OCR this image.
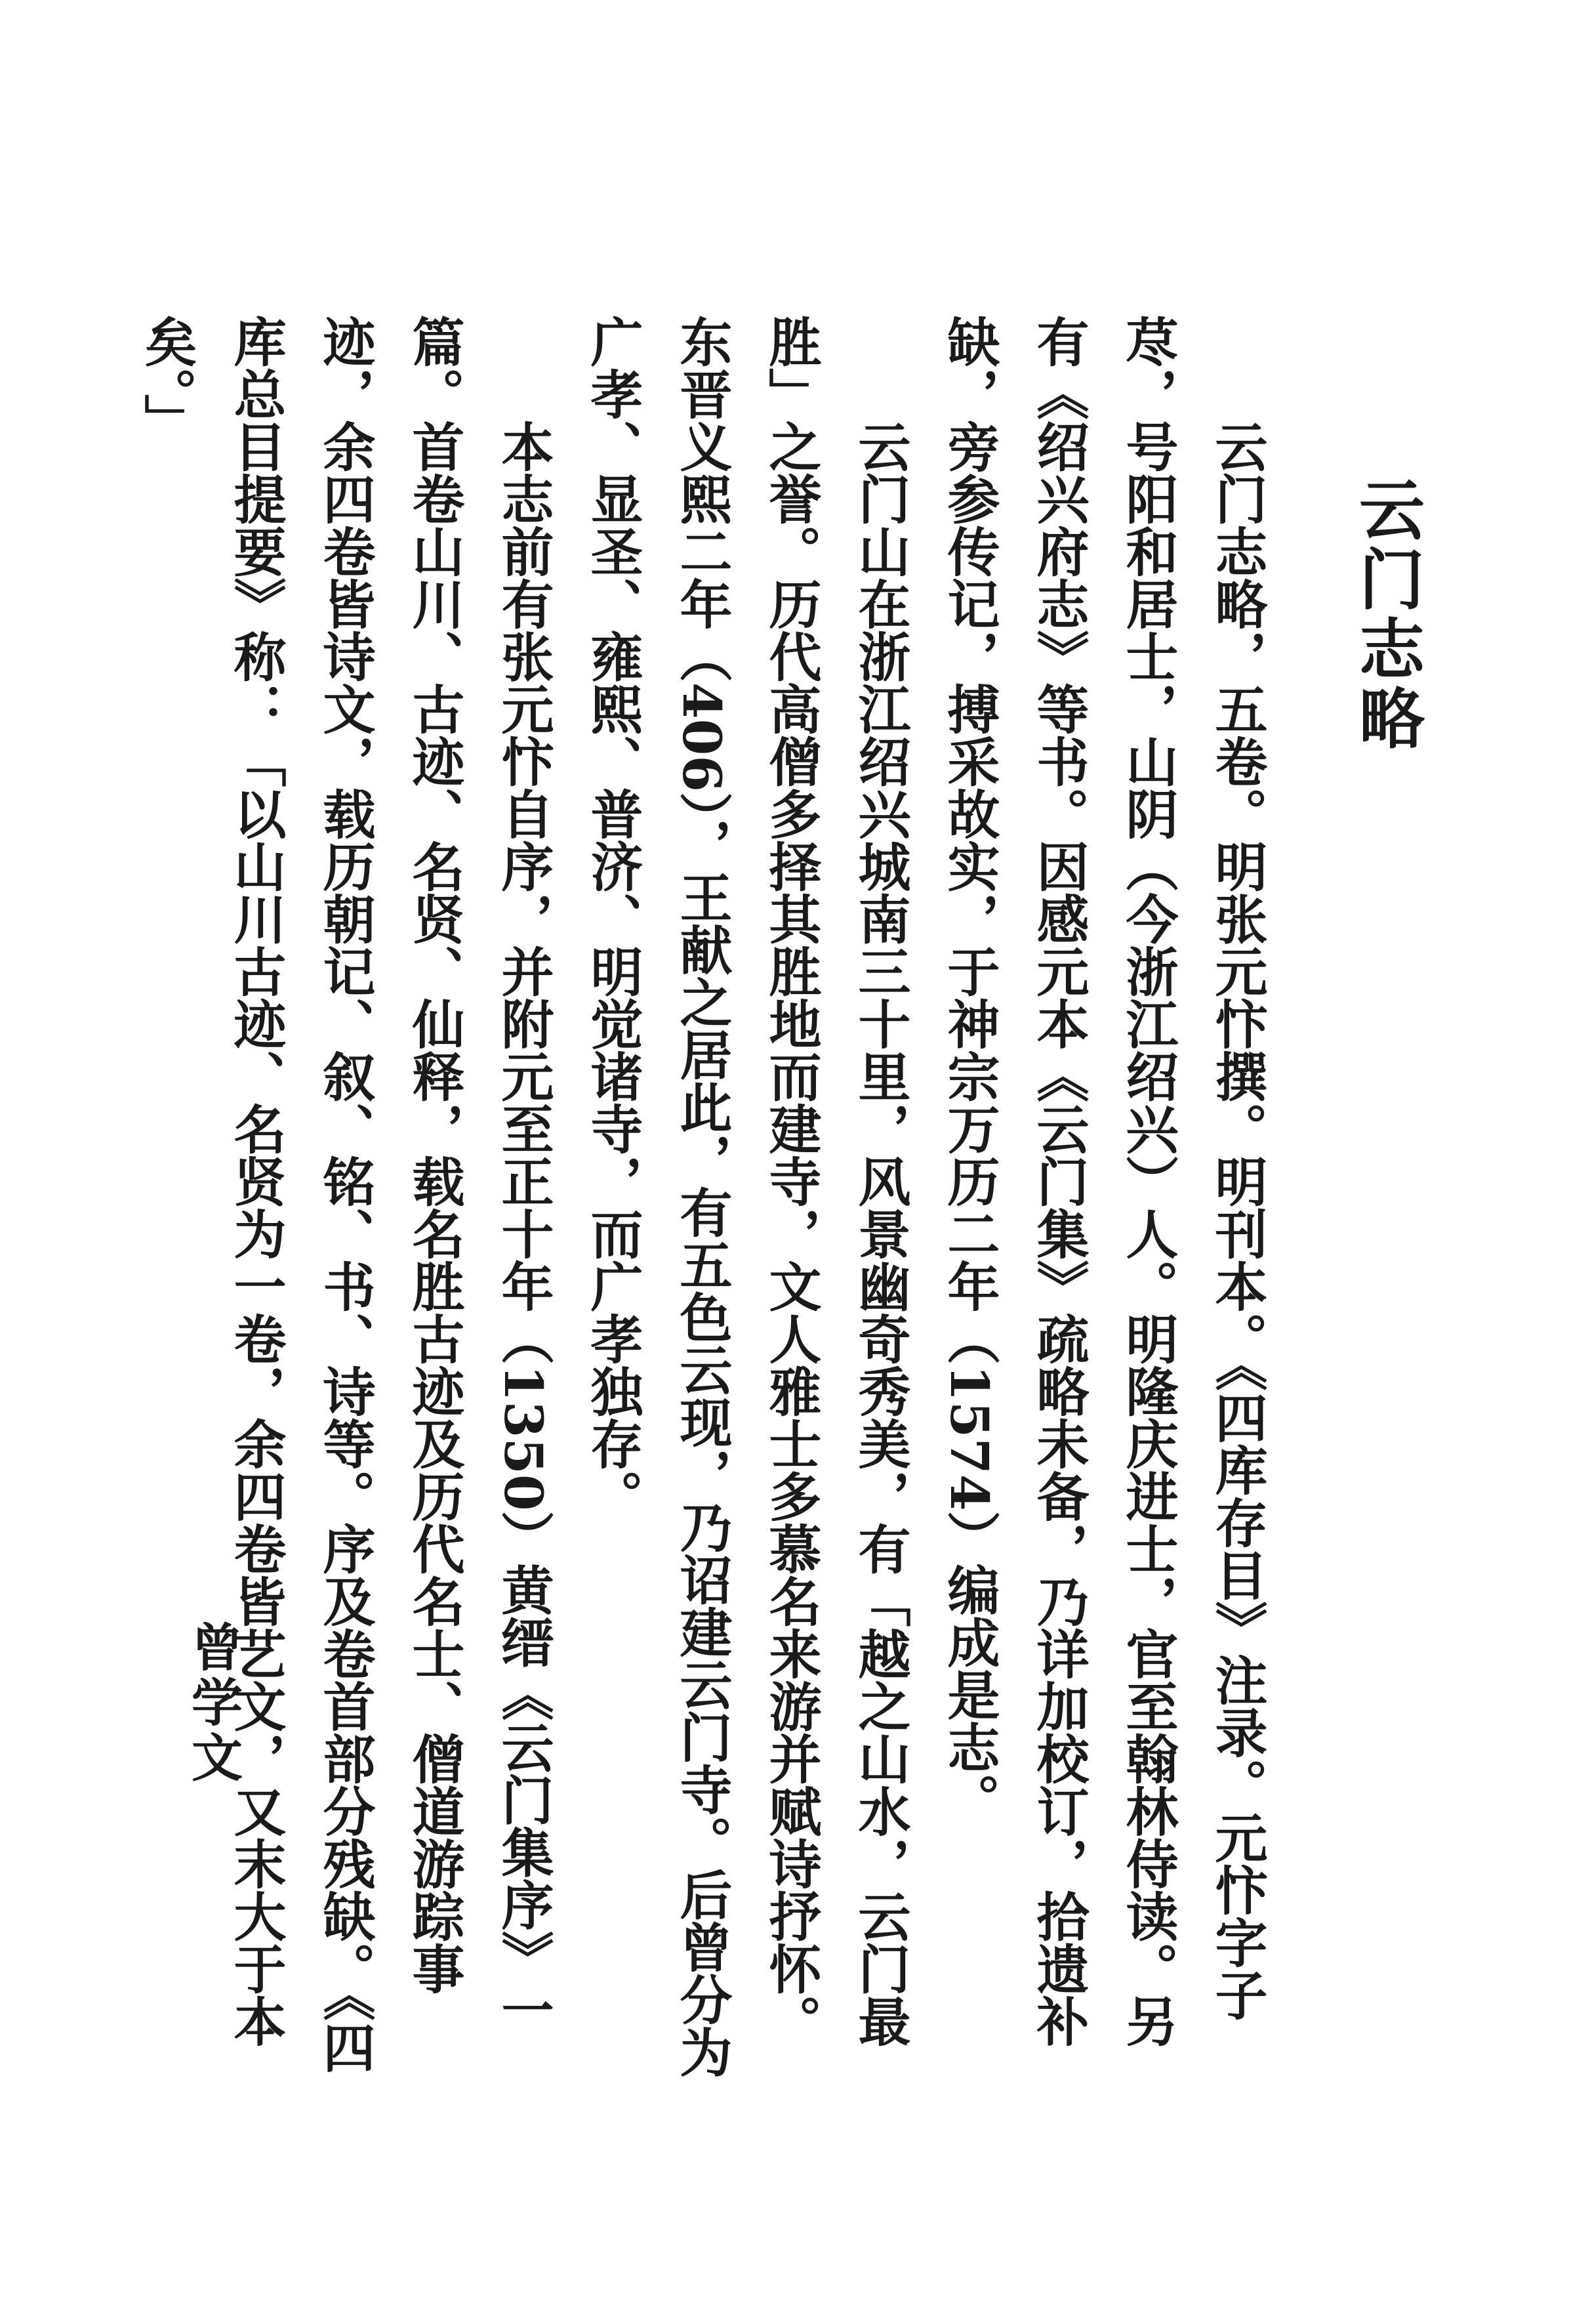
云门志略

云门志略，五卷。明张元忭撰。明刊本。《四库存目》注录。元忭字子荩，号阳和居士，山阴（今浙江绍兴）人。明隆庆进士，官至翰林侍读。另有《绍兴府志》等书。因感元本《云门集》疏略未备，乃详加校订，拾遗补缺，旁参传记，搏采故实，于神宗万历二年（1574）编成是志。

云门山在浙江绍兴城南三十里，风景幽奇秀美，有「越之山水，云门最胜」之誉。历代高僧多择其胜地而建寺，文人雅士多慕名来游并赋诗抒怀。东晋义熙二年（406），王献之居此，有五色云现，乃诏建云门寺。后曾分为广孝、显圣、雍熙、普济、明觉诸寺，而广孝独存。

本志前有张元忭自序，并附元至正十年（1350）黄缙《云门集序》一篇。首卷山川、古迹、名贤、仙释，载名胜古迹及历代名士、僧道游踪事迹，余四卷皆诗文，载历朝记、叙、铭、书、诗等。序及卷首部分残缺。《四库总目提要》称：「以山川古迹、名贤为一卷，余四卷皆艺文，又末大于本矣。」

曾学文
